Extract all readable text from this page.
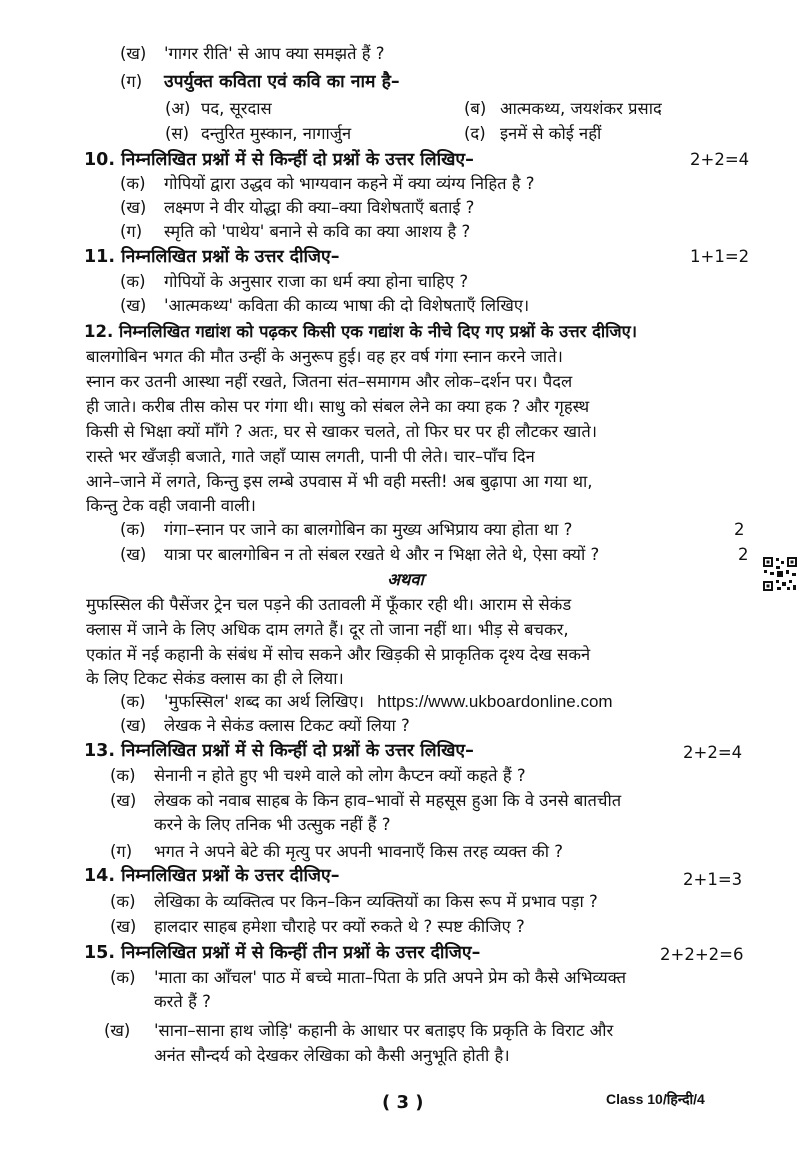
(ख) 'गागर रीति' से आप क्या समझते हैं ?
(ग) उपर्युक्त कविता एवं कवि का नाम है–
(अ) पद, सूरदास	(ब) आत्मकथ्य, जयशंकर प्रसाद
(स) दन्तुरित मुस्कान, नागार्जुन	(द) इनमें से कोई नहीं
10. निम्नलिखित प्रश्नों में से किन्हीं दो प्रश्नों के उत्तर लिखिए–	2+2=4
(क) गोपियों द्वारा उद्धव को भाग्यवान कहने में क्या व्यंग्य निहित है ?
(ख) लक्ष्मण ने वीर योद्धा की क्या–क्या विशेषताएँ बताई ?
(ग) स्मृति को 'पाथेय' बनाने से कवि का क्या आशय है ?
11. निम्नलिखित प्रश्नों के उत्तर दीजिए–	1+1=2
(क) गोपियों के अनुसार राजा का धर्म क्या होना चाहिए ?
(ख) 'आत्मकथ्य' कविता की काव्य भाषा की दो विशेषताएँ लिखिए।
12. निम्नलिखित गद्यांश को पढ़कर किसी एक गद्यांश के नीचे दिए गए प्रश्नों के उत्तर दीजिए।
बालगोबिन भगत की मौत उन्हीं के अनुरूप हुई। वह हर वर्ष गंगा स्नान करने जाते।
स्नान कर उतनी आस्था नहीं रखते, जितना संत–समागम और लोक–दर्शन पर। पैदल
ही जाते। करीब तीस कोस पर गंगा थी। साधु को संबल लेने का क्या हक ? और गृहस्थ
किसी से भिक्षा क्यों माँगे ? अतः, घर से खाकर चलते, तो फिर घर पर ही लौटकर खाते।
रास्ते भर खँजड़ी बजाते, गाते जहाँ प्यास लगती, पानी पी लेते। चार–पाँच दिन
आने–जाने में लगते, किन्तु इस लम्बे उपवास में भी वही मस्ती! अब बुढ़ापा आ गया था,
किन्तु टेक वही जवानी वाली।
(क) गंगा–स्नान पर जाने का बालगोबिन का मुख्य अभिप्राय क्या होता था ?	2
(ख) यात्रा पर बालगोबिन न तो संबल रखते थे और न भिक्षा लेते थे, ऐसा क्यों ?	2
अथवा
मुफस्सिल की पैसेंजर ट्रेन चल पड़ने की उतावली में फूँकार रही थी। आराम से सेकंड
क्लास में जाने के लिए अधिक दाम लगते हैं। दूर तो जाना नहीं था। भीड़ से बचकर,
एकांत में नई कहानी के संबंध में सोच सकने और खिड़की से प्राकृतिक दृश्य देख सकने
के लिए टिकट सेकंड क्लास का ही ले लिया।
(क) 'मुफस्सिल' शब्द का अर्थ लिखिए। https://www.ukboardonline.com
(ख) लेखक ने सेकंड क्लास टिकट क्यों लिया ?
13. निम्नलिखित प्रश्नों में से किन्हीं दो प्रश्नों के उत्तर लिखिए–	2+2=4
(क) सेनानी न होते हुए भी चश्मे वाले को लोग कैप्टन क्यों कहते हैं ?
(ख) लेखक को नवाब साहब के किन हाव–भावों से महसूस हुआ कि वे उनसे बातचीत
करने के लिए तनिक भी उत्सुक नहीं हैं ?
(ग) भगत ने अपने बेटे की मृत्यु पर अपनी भावनाएँ किस तरह व्यक्त की ?
14. निम्नलिखित प्रश्नों के उत्तर दीजिए–	2+1=3
(क) लेखिका के व्यक्तित्व पर किन–किन व्यक्तियों का किस रूप में प्रभाव पड़ा ?
(ख) हालदार साहब हमेशा चौराहे पर क्यों रुकते थे ? स्पष्ट कीजिए ?
15. निम्नलिखित प्रश्नों में से किन्हीं तीन प्रश्नों के उत्तर दीजिए–	2+2+2=6
(क) 'माता का आँचल' पाठ में बच्चे माता–पिता के प्रति अपने प्रेम को कैसे अभिव्यक्त
करते हैं ?
(ख) 'साना–साना हाथ जोड़ि' कहानी के आधार पर बताइए कि प्रकृति के विराट और
अनंत सौन्दर्य को देखकर लेखिका को कैसी अनुभूति होती है।
( 3 )	Class 10/हिन्दी/4
